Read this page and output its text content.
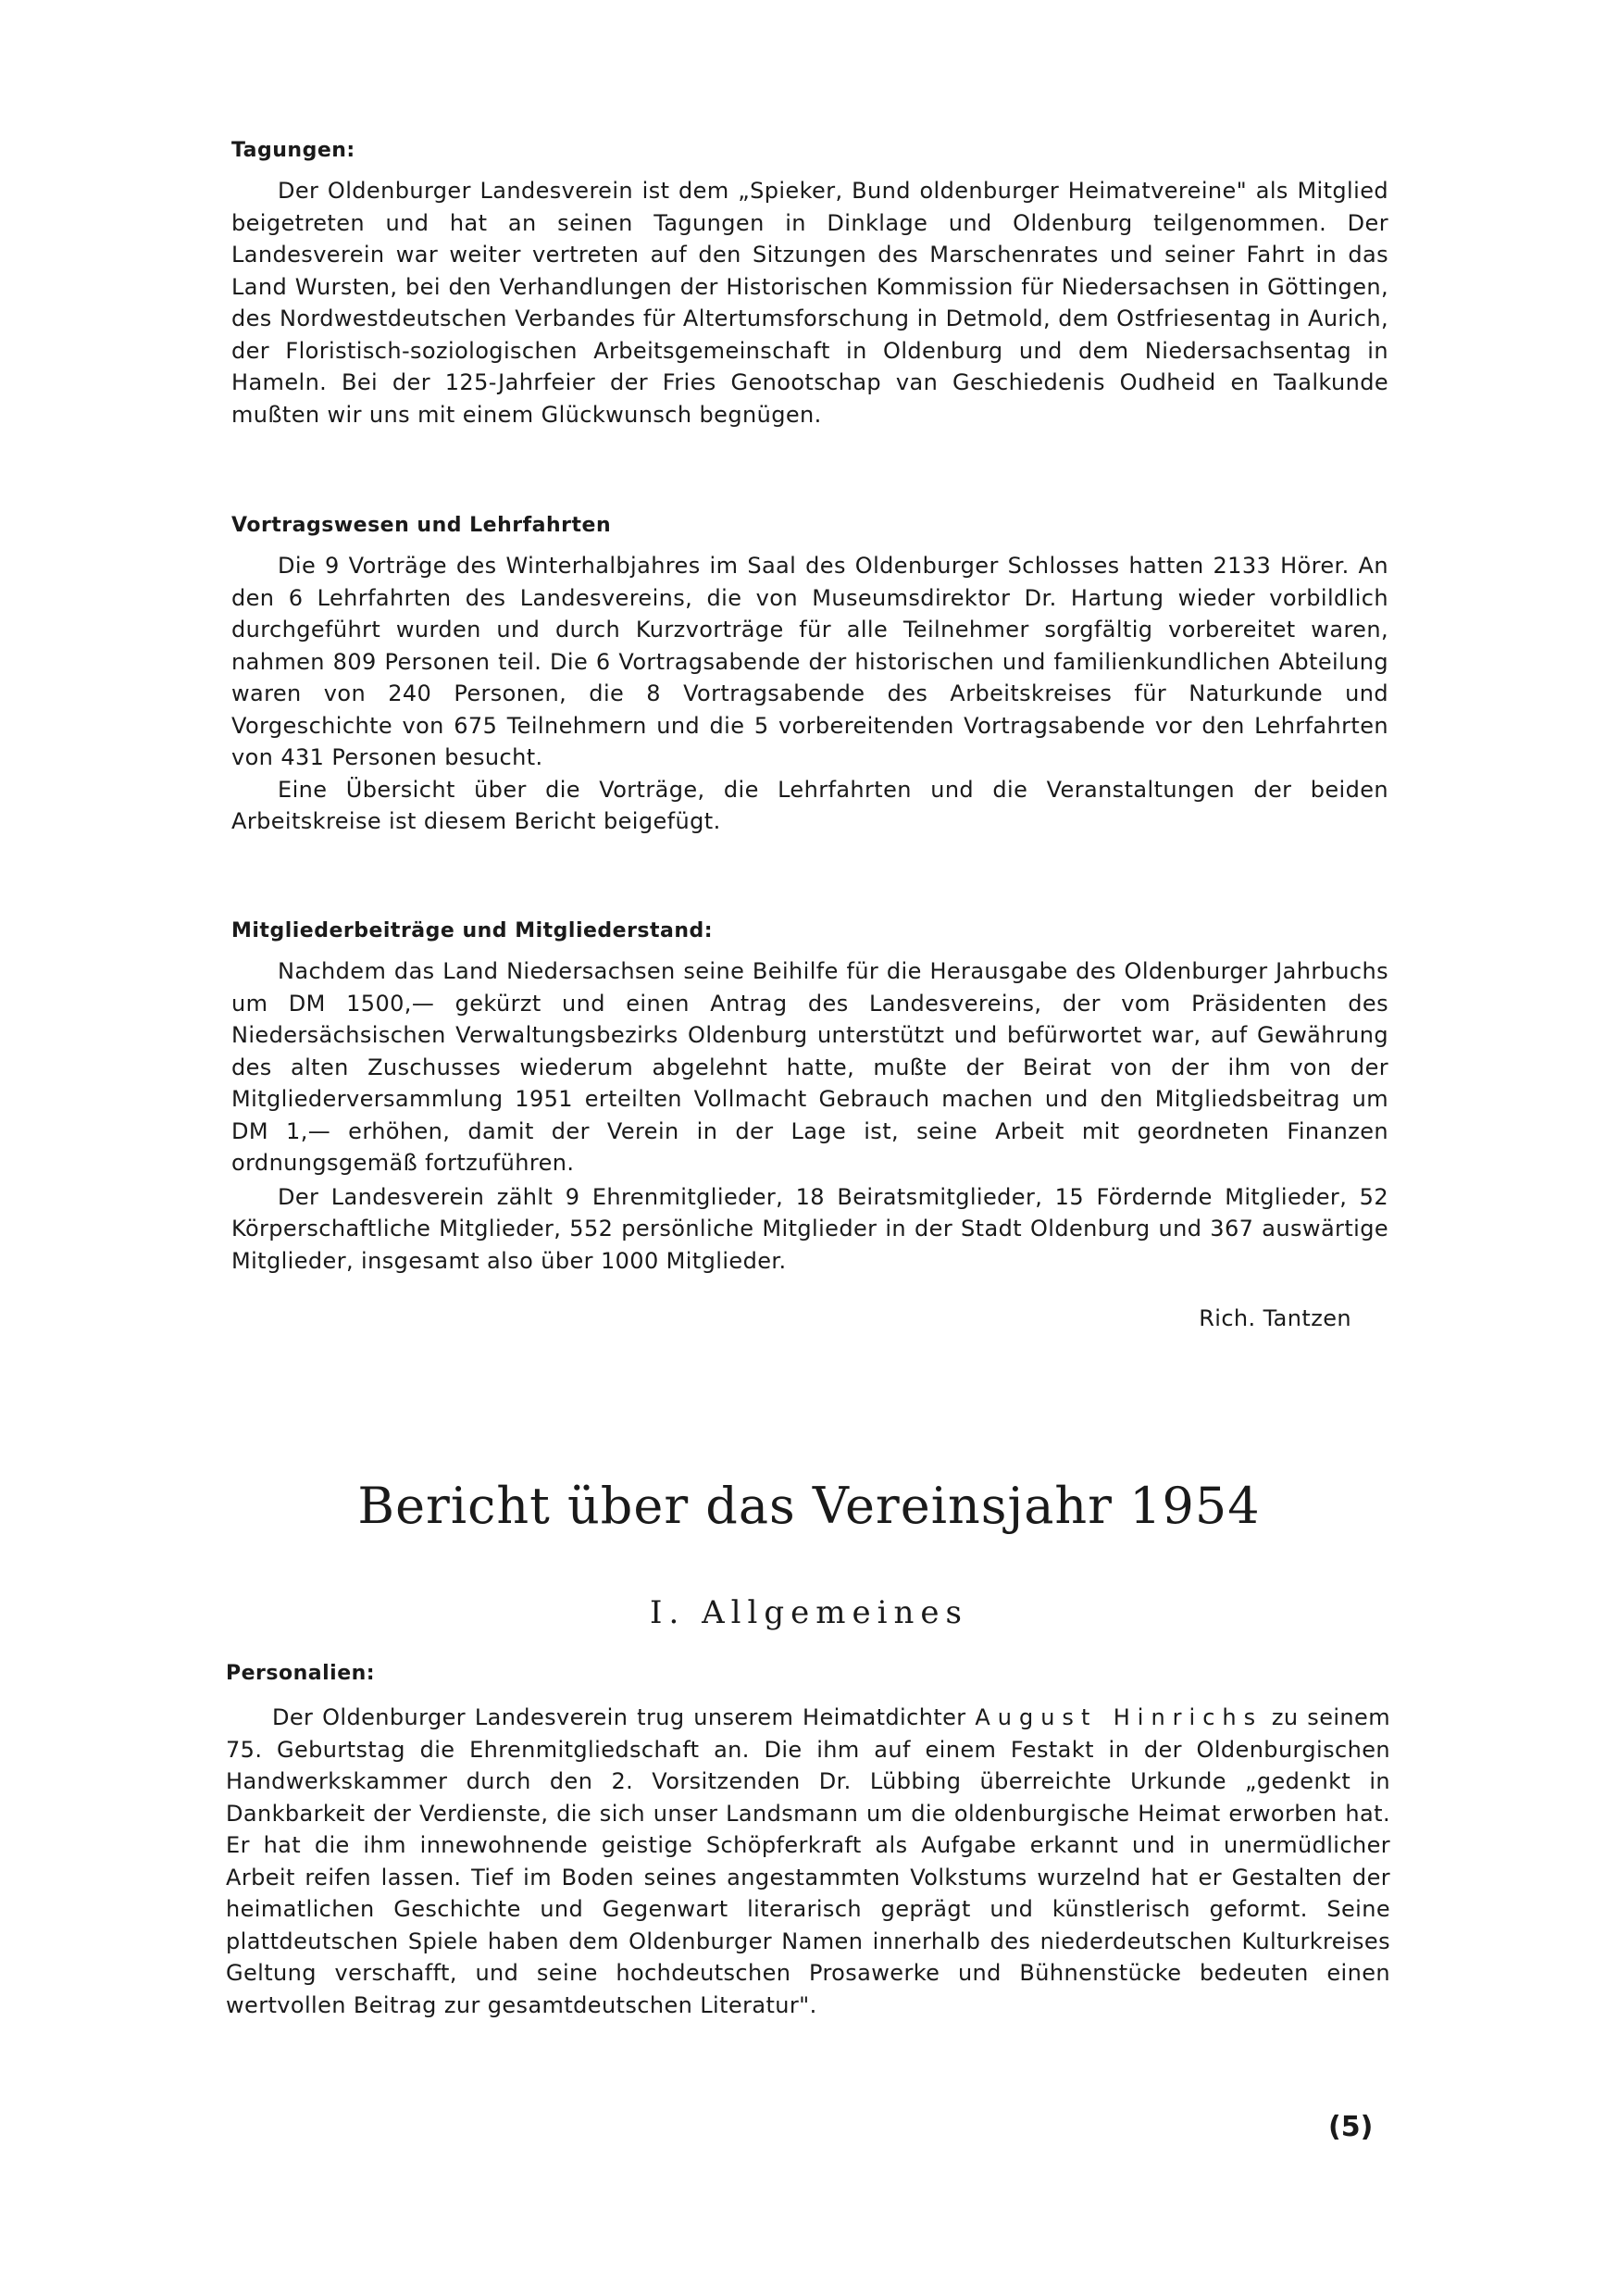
Tagungen:

Der Oldenburger Landesverein ist dem „Spieker, Bund oldenburger Heimatvereine" als Mitglied beigetreten und hat an seinen Tagungen in Dinklage und Oldenburg teilgenommen. Der Landesverein war weiter vertreten auf den Sitzungen des Marschenrates und seiner Fahrt in das Land Wursten, bei den Verhandlungen der Historischen Kommission für Niedersachsen in Göttingen, des Nordwestdeutschen Verbandes für Altertumsforschung in Detmold, dem Ostfriesentag in Aurich, der Floristisch-soziologischen Arbeitsgemeinschaft in Oldenburg und dem Niedersachsentag in Hameln. Bei der 125-Jahrfeier der Fries Genootschap van Geschiedenis Oudheid en Taalkunde mußten wir uns mit einem Glückwunsch begnügen.

Vortragswesen und Lehrfahrten

Die 9 Vorträge des Winterhalbjahres im Saal des Oldenburger Schlosses hatten 2133 Hörer. An den 6 Lehrfahrten des Landesvereins, die von Museumsdirektor Dr. Hartung wieder vorbildlich durchgeführt wurden und durch Kurzvorträge für alle Teilnehmer sorgfältig vorbereitet waren, nahmen 809 Personen teil. Die 6 Vortragsabende der historischen und familienkundlichen Abteilung waren von 240 Personen, die 8 Vortragsabende des Arbeitskreises für Naturkunde und Vorgeschichte von 675 Teilnehmern und die 5 vorbereitenden Vortragsabende vor den Lehrfahrten von 431 Personen besucht.

Eine Übersicht über die Vorträge, die Lehrfahrten und die Veranstaltungen der beiden Arbeitskreise ist diesem Bericht beigefügt.

Mitgliederbeiträge und Mitgliederstand:

Nachdem das Land Niedersachsen seine Beihilfe für die Herausgabe des Oldenburger Jahrbuchs um DM 1500,— gekürzt und einen Antrag des Landesvereins, der vom Präsidenten des Niedersächsischen Verwaltungsbezirks Oldenburg unterstützt und befürwortet war, auf Gewährung des alten Zuschusses wiederum abgelehnt hatte, mußte der Beirat von der ihm von der Mitgliederversammlung 1951 erteilten Vollmacht Gebrauch machen und den Mitgliedsbeitrag um DM 1,— erhöhen, damit der Verein in der Lage ist, seine Arbeit mit geordneten Finanzen ordnungsgemäß fortzuführen.

Der Landesverein zählt 9 Ehrenmitglieder, 18 Beiratsmitglieder, 15 Fördernde Mitglieder, 52 Körperschaftliche Mitglieder, 552 persönliche Mitglieder in der Stadt Oldenburg und 367 auswärtige Mitglieder, insgesamt also über 1000 Mitglieder.

Rich. Tantzen
Bericht über das Vereinsjahr 1954
I. Allgemeines

Personalien:

Der Oldenburger Landesverein trug unserem Heimatdichter August Hinrichs zu seinem 75. Geburtstag die Ehrenmitgliedschaft an. Die ihm auf einem Festakt in der Oldenburgischen Handwerkskammer durch den 2. Vorsitzenden Dr. Lübbing überreichte Urkunde „gedenkt in Dankbarkeit der Verdienste, die sich unser Landsmann um die oldenburgische Heimat erworben hat. Er hat die ihm innewohnende geistige Schöpferkraft als Aufgabe erkannt und in unermüdlicher Arbeit reifen lassen. Tief im Boden seines angestammten Volkstums wurzelnd hat er Gestalten der heimatlichen Geschichte und Gegenwart literarisch geprägt und künstlerisch geformt. Seine plattdeutschen Spiele haben dem Oldenburger Namen innerhalb des niederdeutschen Kulturkreises Geltung verschafft, und seine hochdeutschen Prosawerke und Bühnenstücke bedeuten einen wertvollen Beitrag zur gesamtdeutschen Literatur".

(5)
